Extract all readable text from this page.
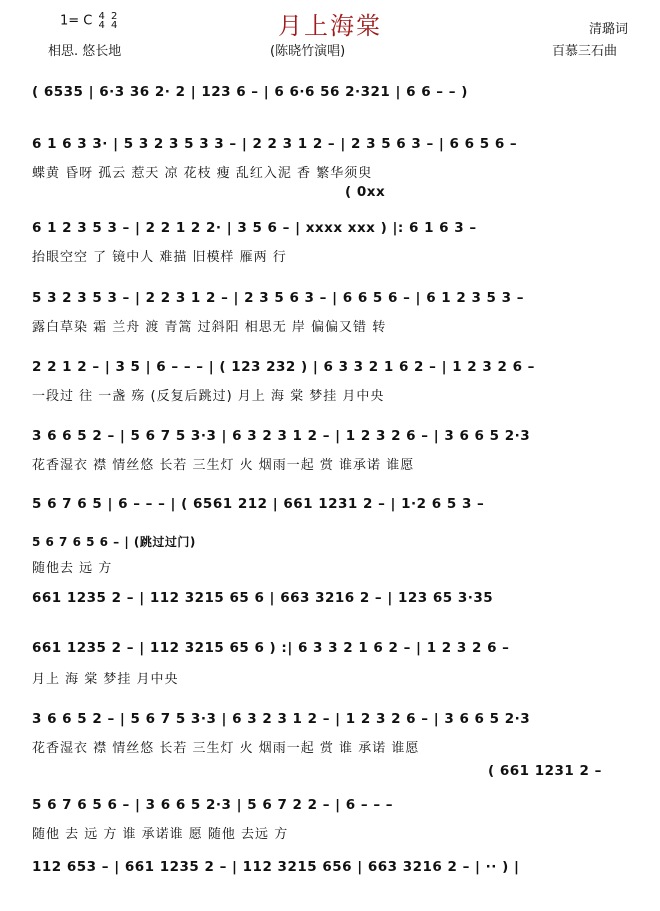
1= C 4
4

2
4	月上海棠	清璐词
相思. 悠长地	(陈晓竹演唱)	百慕三石曲
( 6535 | 6·3 36 2· 2 | 123 6 – | 6 6·6 56 2·321 | 6 6 – – )
6 1 6 3 3· | 5 3 2 3 5 3 3 – | 2 2 3 1 2 – | 2 3 5 6 3 – | 6 6 5 6 –
蝶黄 昏呀 孤云 惹天 凉 花枝 瘦 乱红入泥 香 繁华须臾
( 0xx
6 1 2 3 5 3 – | 2 2 1 2 2· | 3 5 6 – | xxxx xxx ) |: 6 1 6 3 –
抬眼空空 了 镜中人 难描 旧模样 雁两 行
5 3 2 3 5 3 – | 2 2 3 1 2 – | 2 3 5 6 3 – | 6 6 5 6 – | 6 1 2 3 5 3 –
露白草染 霜 兰舟 渡 青篙 过斜阳 相思无 岸 偏偏又错 转
2 2 1 2 – | 3 5 | 6 – – – | ( 123 232 ) | 6 3 3 2 1 6 2 – | 1 2 3 2 6 –
一段过 往 一盏 殇 (反复后跳过) 月上 海 棠 梦挂 月中央
3 6 6 5 2 – | 5 6 7 5 3·3 | 6 3 2 3 1 2 – | 1 2 3 2 6 – | 3 6 6 5 2·3
花香湿衣 襟 情丝悠 长若 三生灯 火 烟雨一起 赏 谁承诺 谁愿
5 6 7 6 5 | 6 – – – | ( 6561 212 | 661 1231 2 – | 1·2 6 5 3 –
5 6 7 6 5 6 – | (跳过过门)
随他去 远 方
661 1235 2 – | 112 3215 65 6 | 663 3216 2 – | 123 65 3·35
661 1235 2 – | 112 3215 65 6 ) :| 6 3 3 2 1 6 2 – | 1 2 3 2 6 –
月上 海 棠 梦挂 月中央
3 6 6 5 2 – | 5 6 7 5 3·3 | 6 3 2 3 1 2 – | 1 2 3 2 6 – | 3 6 6 5 2·3
花香湿衣 襟 情丝悠 长若 三生灯 火 烟雨一起 赏 谁 承诺 谁愿
( 661 1231 2 –
5 6 7 6 5 6 – | 3 6 6 5 2·3 | 5 6 7 2 2 – | 6 – – –
随他 去 远 方 谁 承诺谁 愿 随他 去远 方
112 653 – | 661 1235 2 – | 112 3215 656 | 663 3216 2 – | ·· ) |
